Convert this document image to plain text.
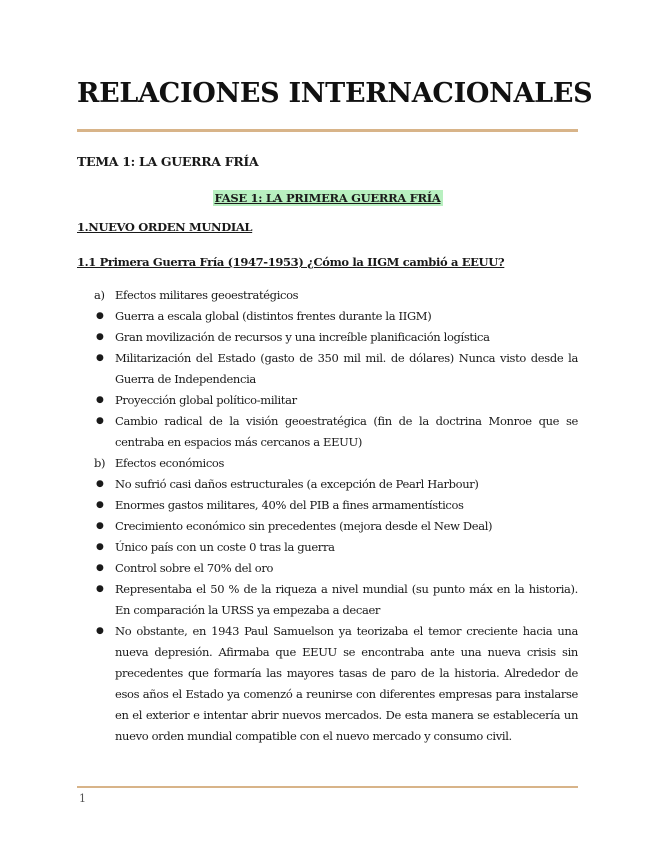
RELACIONES INTERNACIONALES
TEMA 1: LA GUERRA FRÍA
FASE 1: LA PRIMERA GUERRA FRÍA
1.NUEVO ORDEN MUNDIAL
1.1 Primera Guerra Fría (1947-1953) ¿Cómo la IIGM cambió a EEUU?
a) Efectos militares geoestratégicos
● Guerra a escala global (distintos frentes durante la IIGM)
● Gran movilización de recursos y una increíble planificación logística
● Militarización del Estado (gasto de 350 mil mil. de dólares) Nunca visto desde la Guerra de Independencia
● Proyección global político-militar
● Cambio radical de la visión geoestratégica (fin de la doctrina Monroe que se centraba en espacios más cercanos a EEUU)
b) Efectos económicos
● No sufrió casi daños estructurales (a excepción de Pearl Harbour)
● Enormes gastos militares, 40% del PIB a fines armamentísticos
● Crecimiento económico sin precedentes (mejora desde el New Deal)
● Único país con un coste 0 tras la guerra
● Control sobre el 70% del oro
● Representaba el 50 % de la riqueza a nivel mundial (su punto máx en la historia). En comparación la URSS ya empezaba a decaer
● No obstante, en 1943 Paul Samuelson ya teorizaba el temor creciente hacia una nueva depresión. Afirmaba que EEUU se encontraba ante una nueva crisis sin precedentes que formaría las mayores tasas de paro de la historia. Alrededor de esos años el Estado ya comenzó a reunirse con diferentes empresas para instalarse en el exterior e intentar abrir nuevos mercados. De esta manera se establecería un nuevo orden mundial compatible con el nuevo mercado y consumo civil.
1
